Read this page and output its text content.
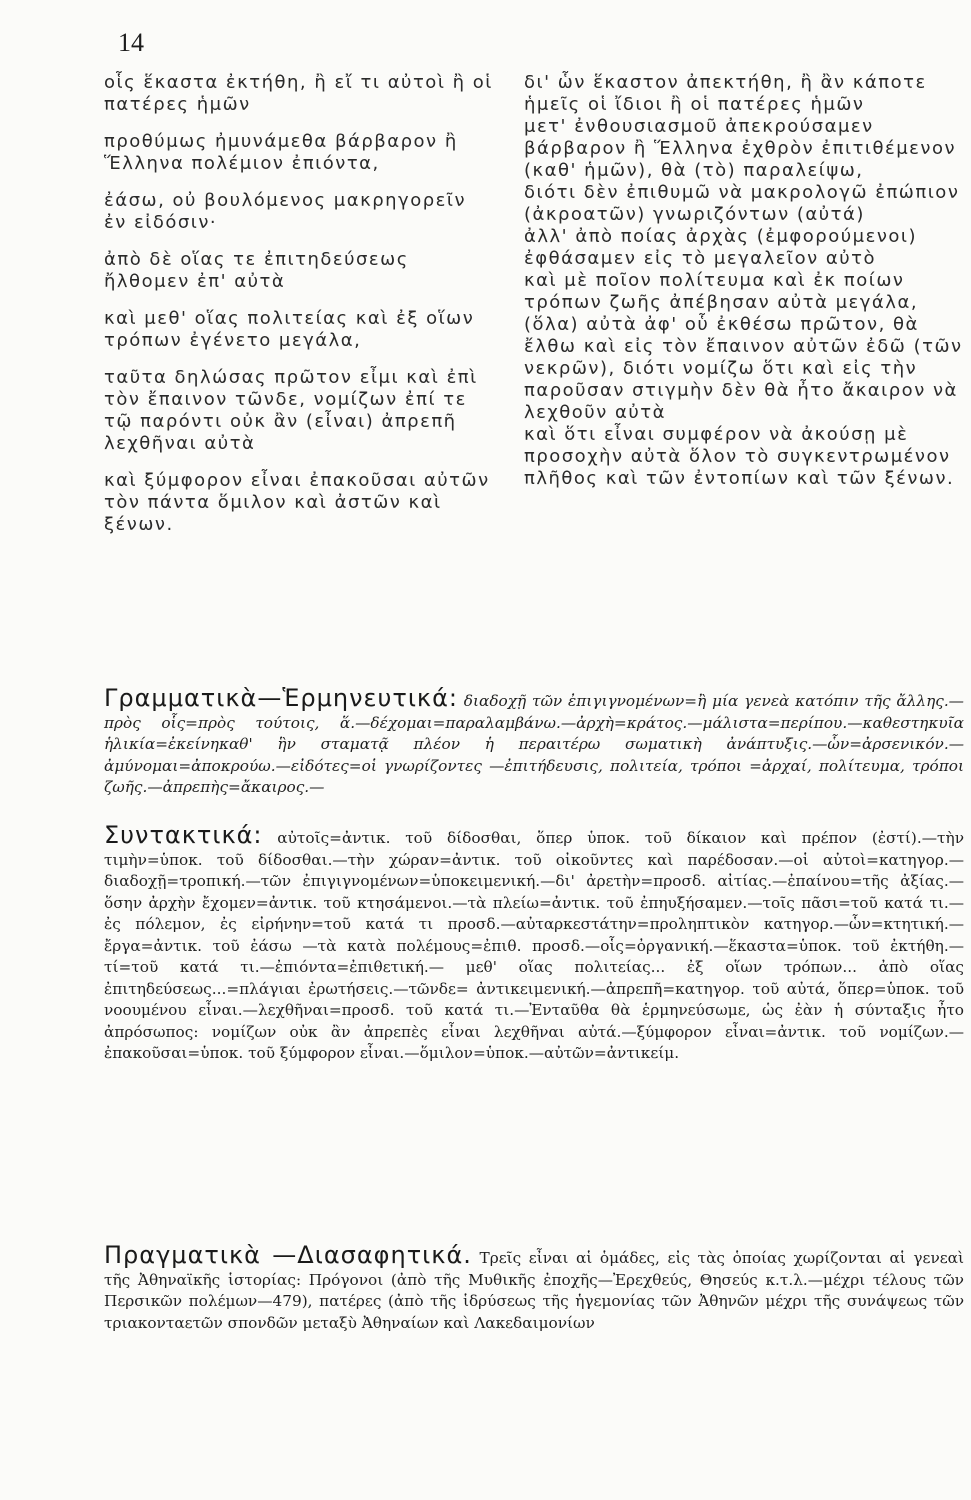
14

οἷς ἕκαστα ἐκτήθη, ἢ εἴ τι αὐτοὶ ἢ οἱ πατέρες ἡμῶν

προθύμως ἠμυνάμεθα βάρβαρον ἢ Ἕλληνα πολέμιον ἐπιόντα,

ἐάσω, οὐ βουλόμενος μακρηγορεῖν ἐν εἰδόσιν·

ἀπὸ δὲ οἵας τε ἐπιτηδεύσεως ἤλθομεν ἐπ' αὐτὰ

καὶ μεθ' οἵας πολιτείας καὶ ἐξ οἵων τρόπων ἐγένετο μεγάλα,

ταῦτα δηλώσας πρῶτον εἶμι καὶ ἐπὶ τὸν ἔπαινον τῶνδε, νομίζων ἐπί τε τῷ παρόντι οὐκ ἂν (εἶναι) ἀπρεπῆ λεχθῆναι αὐτὰ

καὶ ξύμφορον εἶναι ἐπακοῦσαι αὐτῶν τὸν πάντα ὅμιλον καὶ ἀστῶν καὶ ξένων.

δι' ὧν ἕκαστον ἀπεκτήθη, ἢ ἂν κάποτε ἡμεῖς οἱ ἴδιοι ἢ οἱ πατέρες ἡμῶν

μετ' ἐνθουσιασμοῦ ἀπεκρούσαμεν βάρβαρον ἢ Ἕλληνα ἐχθρὸν ἐπιτιθέμενον (καθ' ἡμῶν), θὰ (τὸ) παραλείψω,

διότι δὲν ἐπιθυμῶ νὰ μακρολογῶ ἐπώπιον (ἀκροατῶν) γνωριζόντων (αὐτά)

ἀλλ' ἀπὸ ποίας ἀρχὰς (ἐμφορούμενοι) ἐφθάσαμεν εἰς τὸ μεγαλεῖον αὐτὸ

καὶ μὲ ποῖον πολίτευμα καὶ ἐκ ποίων τρόπων ζωῆς ἀπέβησαν αὐτὰ μεγάλα,

(ὅλα) αὐτὰ ἀφ' οὗ ἐκθέσω πρῶτον, θὰ ἔλθω καὶ εἰς τὸν ἔπαινον αὐτῶν ἐδῶ (τῶν νεκρῶν), διότι νομίζω ὅτι καὶ εἰς τὴν παροῦσαν στιγμὴν δὲν θὰ ἦτο ἄκαιρον νὰ λεχθοῦν αὐτὰ

καὶ ὅτι εἶναι συμφέρον νὰ ἀκούσῃ μὲ προσοχὴν αὐτὰ ὅλον τὸ συγκεντρωμένον πλῆθος καὶ τῶν ἐντοπίων καὶ τῶν ξένων.

Γραμματικὰ—Ἑρμηνευτικά: διαδοχῇ τῶν ἐπιγιγνομένων=ἢ μία γενεὰ κατόπιν τῆς ἄλλης.—πρὸς οἷς=πρὸς τούτοις, ἅ.—δέχομαι=παραλαμβάνω.—ἀρχὴ=κράτος.—μάλιστα=περίπου.—καθεστηκυῖα ἡλικία=ἐκείνηκαθ' ἣν σταματᾷ πλέον ἡ περαιτέρω σωματικὴ ἀνάπτυξις.—ὧν=ἀρσενικόν.—ἀμύνομαι=ἀποκρούω.—εἰδότες=οἱ γνωρίζοντες —ἐπιτήδευσις, πολιτεία, τρόποι =ἀρχαί, πολίτευμα, τρόποι ζωῆς.—ἀπρεπὴς=ἄκαιρος.—

Συντακτικά: αὐτοῖς=ἀντικ. τοῦ δίδοσθαι, ὅπερ ὑποκ. τοῦ δίκαιον καὶ πρέπον (ἐστί).—τὴν τιμὴν=ὑποκ. τοῦ δίδοσθαι.—τὴν χώραν=ἀντικ. τοῦ οἰκοῦντες καὶ παρέδοσαν.—οἱ αὐτοὶ=κατηγορ.—διαδοχῇ=τροπική.—τῶν ἐπιγιγνομένων=ὑποκειμενική.—δι' ἀρετὴν=προσδ. αἰτίας.—ἐπαίνου=τῆς ἀξίας.—ὅσην ἀρχὴν ἔχομεν=ἀντικ. τοῦ κτησάμενοι.—τὰ πλείω=ἀντικ. τοῦ ἐπηυξήσαμεν.—τοῖς πᾶσι=τοῦ κατά τι.—ἐς πόλεμον, ἐς εἰρήνην=τοῦ κατά τι προσδ.—αὐταρκεστάτην=προληπτικὸν κατηγορ.—ὧν=κτητική.—ἔργα=ἀντικ. τοῦ ἐάσω —τὰ κατὰ πολέμους=ἐπιθ. προσδ.—οἷς=ὀργανική.—ἕκαστα=ὑποκ. τοῦ ἐκτήθη.—τί=τοῦ κατά τι.—ἐπιόντα=ἐπιθετική.— μεθ' οἵας πολιτείας... ἐξ οἵων τρόπων... ἀπὸ οἵας ἐπιτηδεύσεως...=πλάγιαι ἐρωτήσεις.—τῶνδε= ἀντικειμενική.—ἀπρεπῆ=κατηγορ. τοῦ αὐτά, ὅπερ=ὑποκ. τοῦ νοουμένου εἶναι.—λεχθῆναι=προσδ. τοῦ κατά τι.—Ἐνταῦθα θὰ ἑρμηνεύσωμε, ὡς ἐὰν ἡ σύνταξις ἦτο ἀπρόσωπος: νομίζων οὐκ ἂν ἀπρεπὲς εἶναι λεχθῆναι αὐτά.—ξύμφορον εἶναι=ἀντικ. τοῦ νομίζων.—ἐπακοῦσαι=ὑποκ. τοῦ ξύμφορον εἶναι.—ὅμιλον=ὑποκ.—αὐτῶν=ἀντικείμ.

Πραγματικὰ —Διασαφητικά. Τρεῖς εἶναι αἱ ὁμάδες, εἰς τὰς ὁποίας χωρίζονται αἱ γενεαὶ τῆς Ἀθηναϊκῆς ἱστορίας: Πρόγονοι (ἀπὸ τῆς Μυθικῆς ἐποχῆς—Ἐρεχθεύς, Θησεύς κ.τ.λ.—μέχρι τέλους τῶν Περσικῶν πολέμων—479), πατέρες (ἀπὸ τῆς ἱδρύσεως τῆς ἡγεμονίας τῶν Ἀθηνῶν μέχρι τῆς συνάψεως τῶν τριακονταετῶν σπονδῶν μεταξὺ Ἀθηναίων καὶ Λακεδαιμονίων
